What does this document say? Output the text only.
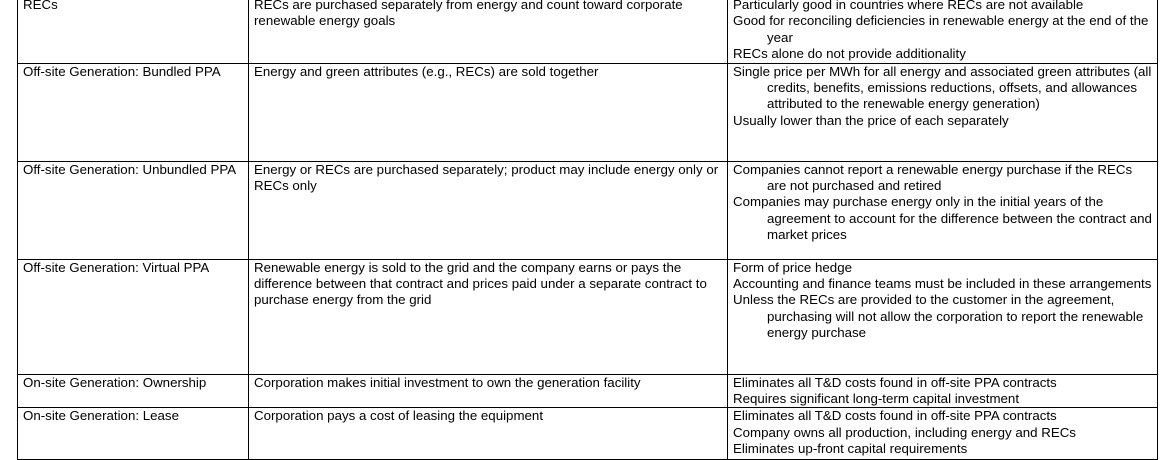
RECs	RECs are purchased separately from energy and count toward corporate renewable energy goals	Particularly good in countries where RECs are not available

Good for reconciling deficiencies in renewable energy at the end of the year

RECs alone do not provide additionality

Off-site Generation: Bundled PPA	Energy and green attributes (e.g., RECs) are sold together	Single price per MWh for all energy and associated green attributes (all credits, benefits, emissions reductions, offsets, and allowances attributed to the renewable energy generation)

Usually lower than the price of each separately

Off-site Generation: Unbundled PPA	Energy or RECs are purchased separately; product may include energy only or RECs only	Companies cannot report a renewable energy purchase if the RECs are not purchased and retired

Companies may purchase energy only in the initial years of the agreement to account for the difference between the contract and market prices

Off-site Generation: Virtual PPA	Renewable energy is sold to the grid and the company earns or pays the difference between that contract and prices paid under a separate contract to purchase energy from the grid	Form of price hedge

Accounting and finance teams must be included in these arrangements

Unless the RECs are provided to the customer in the agreement, purchasing will not allow the corporation to report the renewable energy purchase

On-site Generation: Ownership	Corporation makes initial investment to own the generation facility	Eliminates all T&D costs found in off-site PPA contracts

Requires significant long-term capital investment

On-site Generation: Lease	Corporation pays a cost of leasing the equipment	Eliminates all T&D costs found in off-site PPA contracts

Company owns all production, including energy and RECs

Eliminates up-front capital requirements
